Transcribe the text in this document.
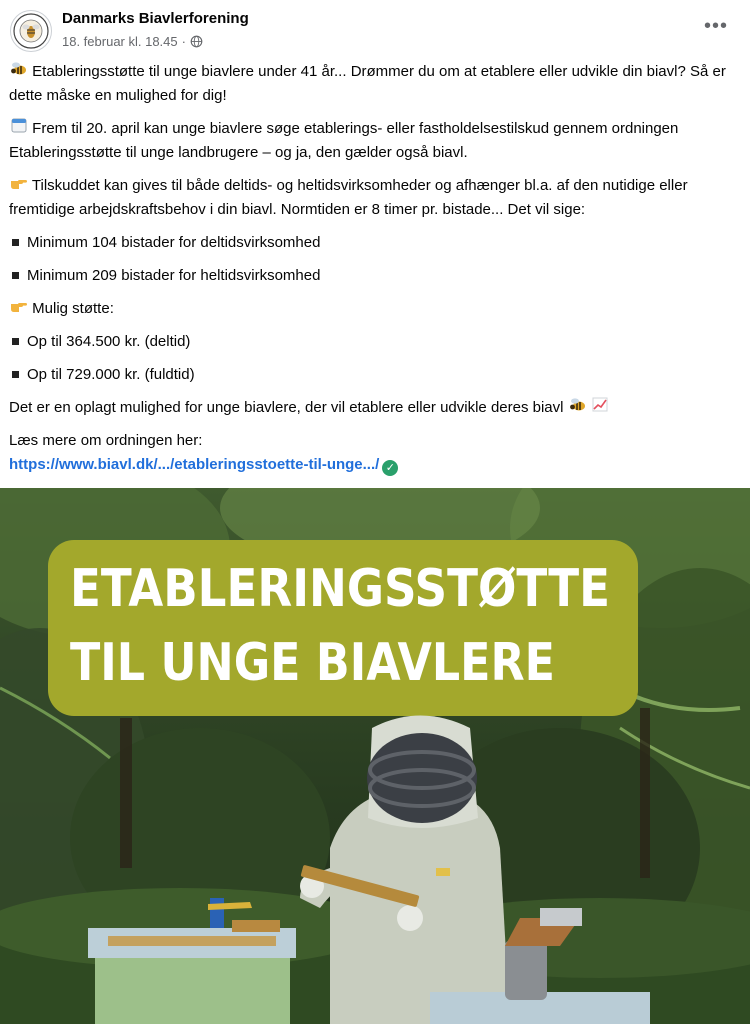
Danmarks Biavlerforening
18. februar kl. 18.45 ·
•••

Etableringsstøtte til unge biavlere under 41 år... Drømmer du om at etablere eller udvikle din biavl? Så er dette måske en mulighed for dig!

Frem til 20. april kan unge biavlere søge etablerings- eller fastholdelsestilskud gennem ordningen Etableringsstøtte til unge landbrugere – og ja, den gælder også biavl.

Tilskuddet kan gives til både deltids- og heltidsvirksomheder og afhænger bl.a. af den nutidige eller fremtidige arbejdskraftsbehov i din biavl. Normtiden er 8 timer pr. bistade... Det vil sige:

Minimum 104 bistader for deltidsvirksomhed

Minimum 209 bistader for heltidsvirksomhed

Mulig støtte:

Op til 364.500 kr. (deltid)

Op til 729.000 kr. (fuldtid)

Det er en oplagt mulighed for unge biavlere, der vil etablere eller udvikle deres biavl

Læs mere om ordningen her:

https://www.biavl.dk/.../etableringsstoette-til-unge.../ ✓

ETABLERINGSSTØTTE
TIL UNGE BIAVLERE
